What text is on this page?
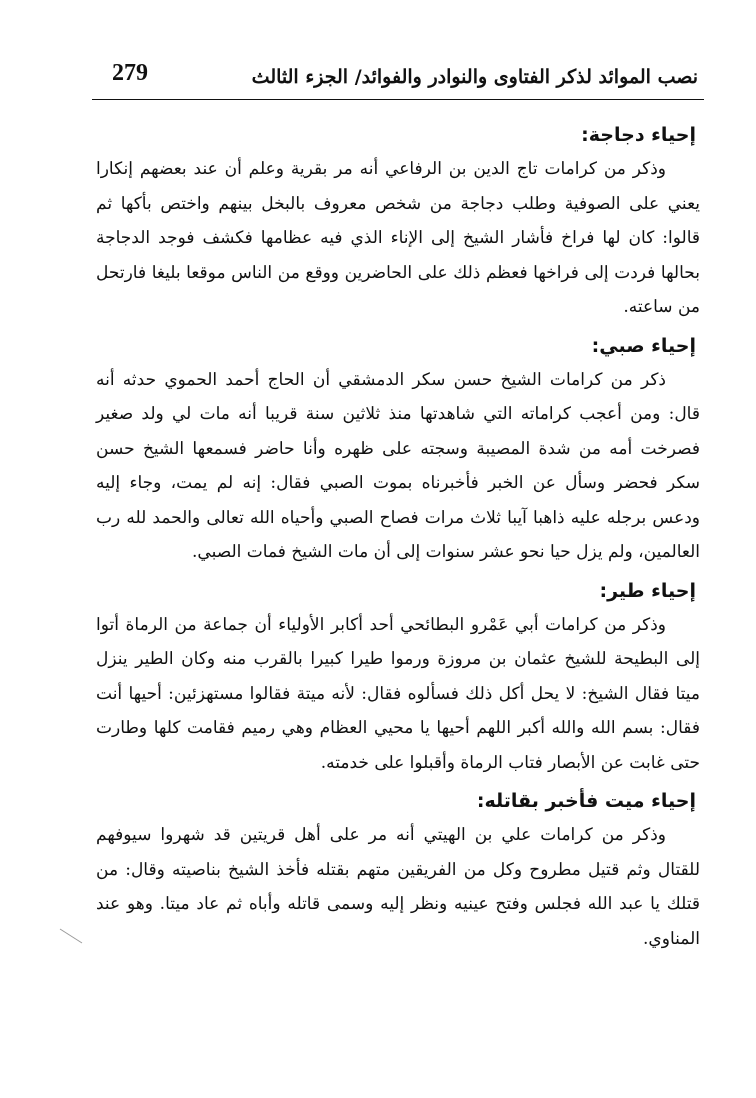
279	نصب الموائد لذكر الفتاوى والنوادر والفوائد/ الجزء الثالث
إحياء دجاجة:

وذكر من كرامات تاج الدين بن الرفاعي أنه مر بقرية وعلم أن عند بعضهم إنكارا يعني على الصوفية وطلب دجاجة من شخص معروف بالبخل بينهم واختص بأكها ثم قالوا: كان لها فراخ فأشار الشيخ إلى الإناء الذي فيه عظامها فكشف فوجد الدجاجة بحالها فردت إلى فراخها فعظم ذلك على الحاضرين ووقع من الناس موقعا بليغا فارتحل من ساعته.

إحياء صبي:

ذكر من كرامات الشيخ حسن سكر الدمشقي أن الحاج أحمد الحموي حدثه أنه قال: ومن أعجب كراماته التي شاهدتها منذ ثلاثين سنة قريبا أنه مات لي ولد صغير فصرخت أمه من شدة المصيبة وسجته على ظهره وأنا حاضر فسمعها الشيخ حسن سكر فحضر وسأل عن الخبر فأخبرناه بموت الصبي فقال: إنه لم يمت، وجاء إليه ودعس برجله عليه ذاهبا آيبا ثلاث مرات فصاح الصبي وأحياه الله تعالى والحمد لله رب العالمين، ولم يزل حيا نحو عشر سنوات إلى أن مات الشيخ فمات الصبي.

إحياء طير:

وذكر من كرامات أبي عَمْرو البطائحي أحد أكابر الأولياء أن جماعة من الرماة أتوا إلى البطيحة للشيخ عثمان بن مروزة ورموا طيرا كبيرا بالقرب منه وكان الطير ينزل ميتا فقال الشيخ: لا يحل أكل ذلك فسألوه فقال: لأنه ميتة فقالوا مستهزئين: أحيها أنت فقال: بسم الله والله أكبر اللهم أحيها يا محيي العظام وهي رميم فقامت كلها وطارت حتى غابت عن الأبصار فتاب الرماة وأقبلوا على خدمته.

إحياء ميت فأخبر بقاتله:

وذكر من كرامات علي بن الهيتي أنه مر على أهل قريتين قد شهروا سيوفهم للقتال وثم قتيل مطروح وكل من الفريقين متهم بقتله فأخذ الشيخ بناصيته وقال: من قتلك يا عبد الله فجلس وفتح عينيه ونظر إليه وسمى قاتله وأباه ثم عاد ميتا. وهو عند المناوي.
